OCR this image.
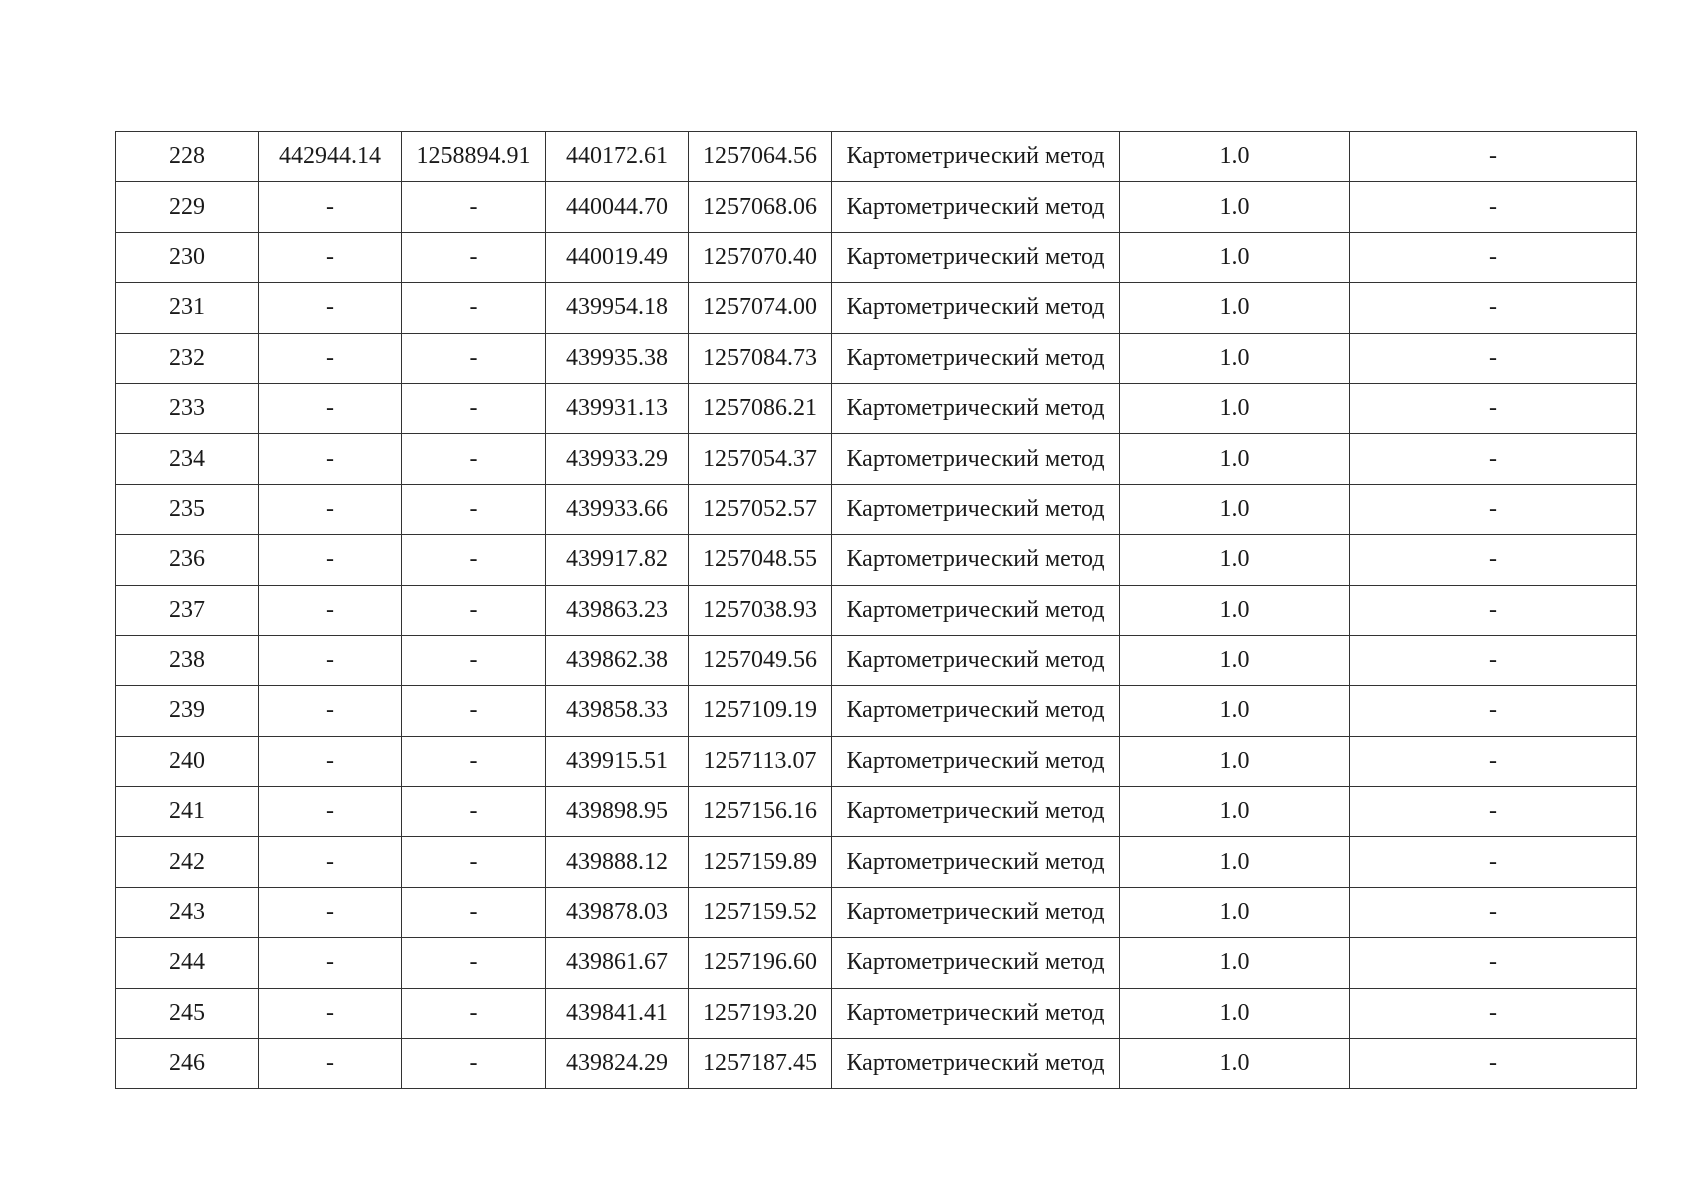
228	442944.14	1258894.91	440172.61	1257064.56	Картометрический метод	1.0	-
229	-	-	440044.70	1257068.06	Картометрический метод	1.0	-
230	-	-	440019.49	1257070.40	Картометрический метод	1.0	-
231	-	-	439954.18	1257074.00	Картометрический метод	1.0	-
232	-	-	439935.38	1257084.73	Картометрический метод	1.0	-
233	-	-	439931.13	1257086.21	Картометрический метод	1.0	-
234	-	-	439933.29	1257054.37	Картометрический метод	1.0	-
235	-	-	439933.66	1257052.57	Картометрический метод	1.0	-
236	-	-	439917.82	1257048.55	Картометрический метод	1.0	-
237	-	-	439863.23	1257038.93	Картометрический метод	1.0	-
238	-	-	439862.38	1257049.56	Картометрический метод	1.0	-
239	-	-	439858.33	1257109.19	Картометрический метод	1.0	-
240	-	-	439915.51	1257113.07	Картометрический метод	1.0	-
241	-	-	439898.95	1257156.16	Картометрический метод	1.0	-
242	-	-	439888.12	1257159.89	Картометрический метод	1.0	-
243	-	-	439878.03	1257159.52	Картометрический метод	1.0	-
244	-	-	439861.67	1257196.60	Картометрический метод	1.0	-
245	-	-	439841.41	1257193.20	Картометрический метод	1.0	-
246	-	-	439824.29	1257187.45	Картометрический метод	1.0	-
